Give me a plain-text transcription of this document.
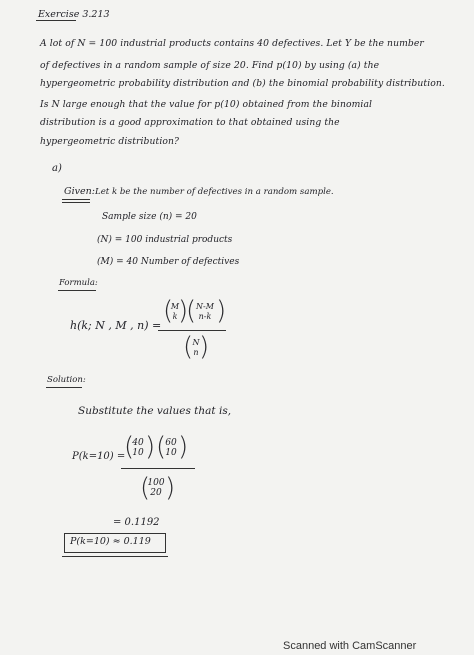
Exercise 3.213
A lot of N = 100 industrial products contains 40 defectives. Let Y be the number
of defectives in a random sample of size 20. Find p(10) by using (a) the
hypergeometric probability distribution and (b) the binomial probability distribution.
Is N large enough that the value for p(10) obtained from the binomial
distribution is a good approximation to that obtained using the
hypergeometric distribution?
a)
Given: Let k be the number of defectives in a random sample.
Sample size (n) = 20
(N) = 100 industrial products
(M) = 40 Number of defectives
Formula:
h(k; N , M , n) = (
M
k )
( N-M
n-k )
( N
n )
Solution:
Substitute the values that is,
P(k=10) =
(
40
10 ) ( 60
10 )
(
100
20 )
= 0.1192
P(k=10) ≈ 0.119
Scanned with CamScanner
